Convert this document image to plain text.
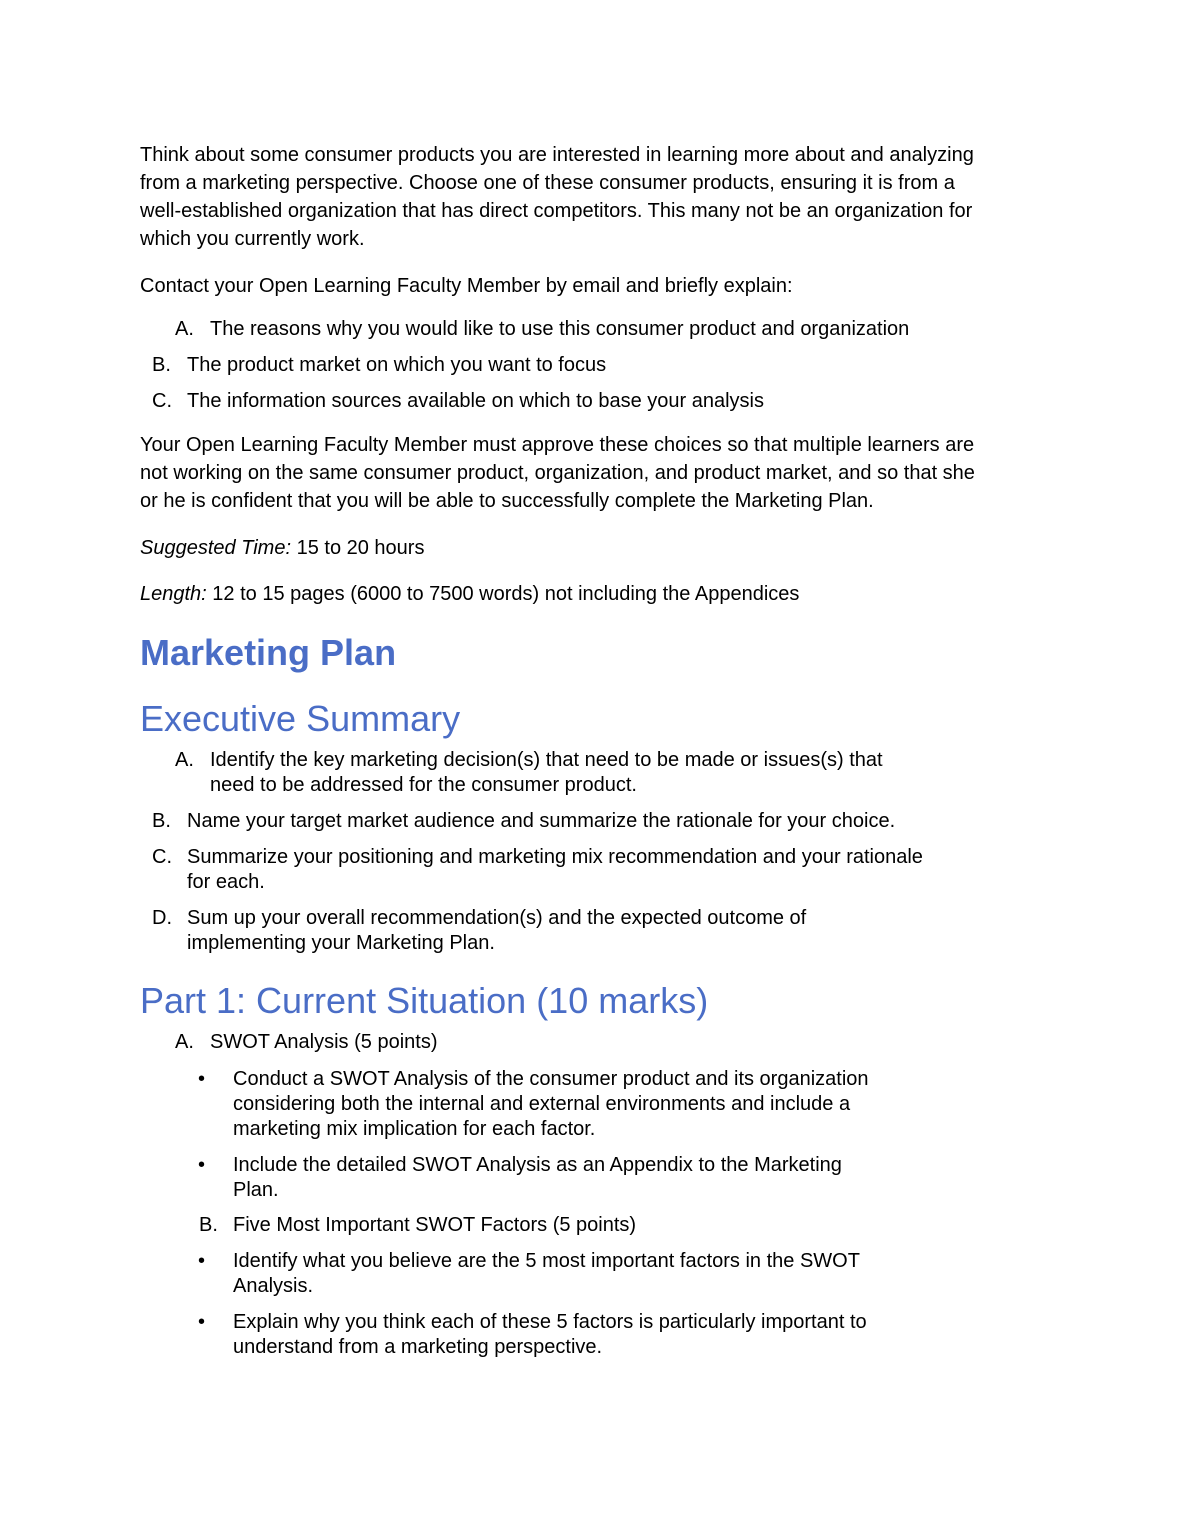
Think about some consumer products you are interested in learning more about and analyzing
from a marketing perspective. Choose one of these consumer products, ensuring it is from a
well-established organization that has direct competitors. This many not be an organization for
which you currently work.
Contact your Open Learning Faculty Member by email and briefly explain:
A. The reasons why you would like to use this consumer product and organization
B. The product market on which you want to focus
C. The information sources available on which to base your analysis
Your Open Learning Faculty Member must approve these choices so that multiple learners are
not working on the same consumer product, organization, and product market, and so that she
or he is confident that you will be able to successfully complete the Marketing Plan.
Suggested Time: 15 to 20 hours
Length: 12 to 15 pages (6000 to 7500 words) not including the Appendices
Marketing Plan
Executive Summary
A. Identify the key marketing decision(s) that need to be made or issues(s) that
need to be addressed for the consumer product.
B. Name your target market audience and summarize the rationale for your choice.
C. Summarize your positioning and marketing mix recommendation and your rationale
for each.
D. Sum up your overall recommendation(s) and the expected outcome of
implementing your Marketing Plan.
Part 1: Current Situation (10 marks)
A. SWOT Analysis (5 points)
• Conduct a SWOT Analysis of the consumer product and its organization
considering both the internal and external environments and include a
marketing mix implication for each factor.
• Include the detailed SWOT Analysis as an Appendix to the Marketing
Plan.
B. Five Most Important SWOT Factors (5 points)
• Identify what you believe are the 5 most important factors in the SWOT
Analysis.
• Explain why you think each of these 5 factors is particularly important to
understand from a marketing perspective.
